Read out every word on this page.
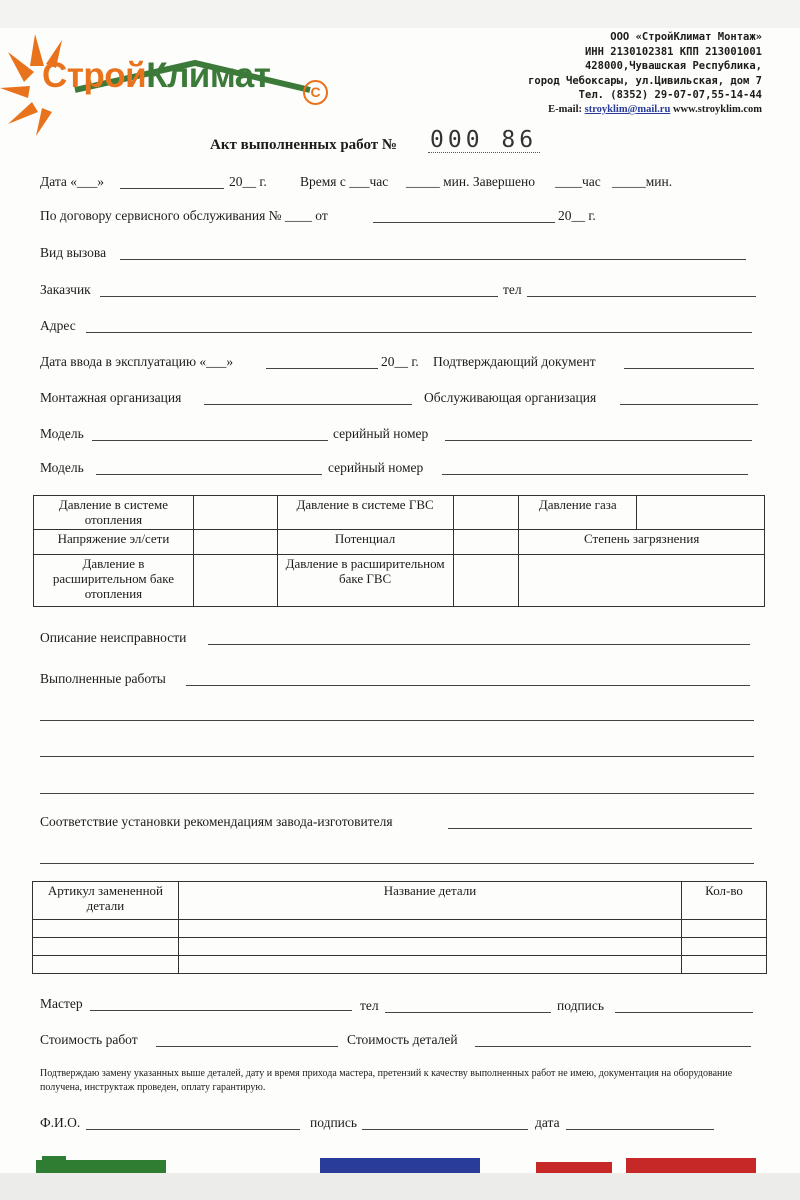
СтройКлимат	C
ООО «СтройКлимат Монтаж»
ИНН 2130102381 КПП 213001001
428000,Чувашская Республика,
город Чебоксары, ул.Цивильская, дом 7
Тел. (8352) 29-07-07,55-14-44
E-mail: stroyklim@mail.ru www.stroyklim.com
Акт выполненных работ № 000 86
Дата «___»	20__ г. Время с ___час _____ мин. Завершено ____час _____мин.
По договору сервисного обслуживания № ____ от	20__ г.
Вид вызова
Заказчик	тел
Адрес
Дата ввода в эксплуатацию «___»	20__ г. Подтверждающий документ
Монтажная организация	Обслуживающая организация
Модель	серийный номер
Модель	серийный номер
Давление в системе отопления		Давление в системе ГВС		Давление газа	
Напряжение эл/сети		Потенциал		Степень загрязнения	
Давление в расширительном баке отопления		Давление в расширительном баке ГВС			
Описание неисправности
Выполненные работы
Соответствие установки рекомендациям завода-изготовителя
Артикул замененной детали	Название детали	Кол-во

Мастер	тел	подпись
Стоимость работ	Стоимость деталей
Подтверждаю замену указанных выше деталей, дату и время прихода мастера, претензий к качеству выполненных работ не имею, документация на оборудование получена, инструктаж проведен, оплату гарантирую.
Ф.И.О.	подпись	дата
